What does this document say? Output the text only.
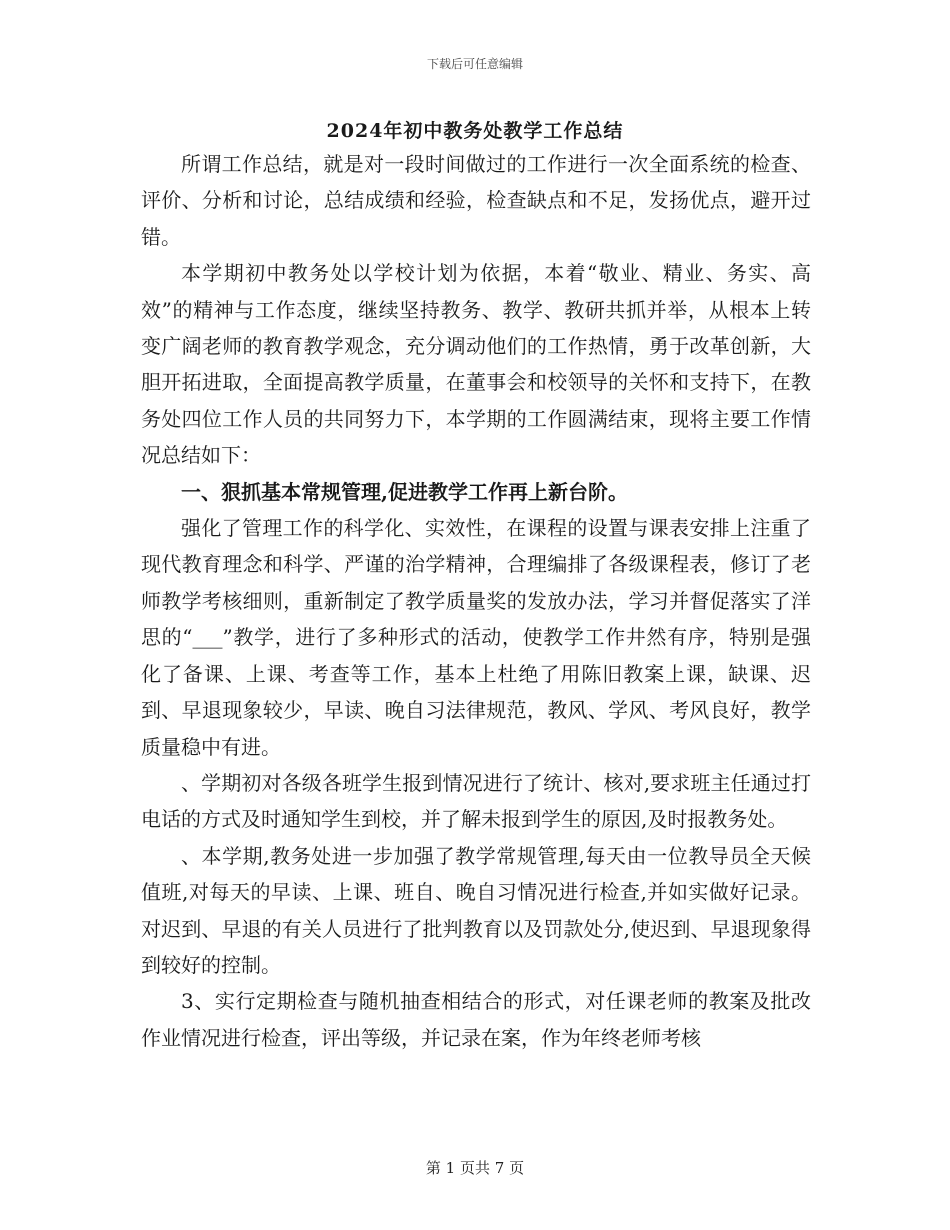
下载后可任意编辑
2024年初中教务处教学工作总结

所谓工作总结，就是对一段时间做过的工作进行一次全面系统的检查、评价、分析和讨论，总结成绩和经验，检查缺点和不足，发扬优点，避开过错。

本学期初中教务处以学校计划为依据，本着“敬业、精业、务实、高效”的精神与工作态度，继续坚持教务、教学、教研共抓并举，从根本上转变广阔老师的教育教学观念，充分调动他们的工作热情，勇于改革创新，大胆开拓进取，全面提高教学质量，在董事会和校领导的关怀和支持下，在教务处四位工作人员的共同努力下，本学期的工作圆满结束，现将主要工作情况总结如下：

一、狠抓基本常规管理,促进教学工作再上新台阶。

强化了管理工作的科学化、实效性，在课程的设置与课表安排上注重了现代教育理念和科学、严谨的治学精神，合理编排了各级课程表，修订了老师教学考核细则，重新制定了教学质量奖的发放办法，学习并督促落实了洋思的“___”教学，进行了多种形式的活动，使教学工作井然有序，特别是强化了备课、上课、考查等工作，基本上杜绝了用陈旧教案上课，缺课、迟到、早退现象较少，早读、晚自习法律规范，教风、学风、考风良好，教学质量稳中有进。

、学期初对各级各班学生报到情况进行了统计、核对,要求班主任通过打电话的方式及时通知学生到校，并了解未报到学生的原因,及时报教务处。

、本学期,教务处进一步加强了教学常规管理,每天由一位教导员全天候值班,对每天的早读、上课、班自、晚自习情况进行检查,并如实做好记录。对迟到、早退的有关人员进行了批判教育以及罚款处分,使迟到、早退现象得到较好的控制。

3、实行定期检查与随机抽查相结合的形式，对任课老师的教案及批改作业情况进行检查，评出等级，并记录在案，作为年终老师考核

第 1 页共 7 页
